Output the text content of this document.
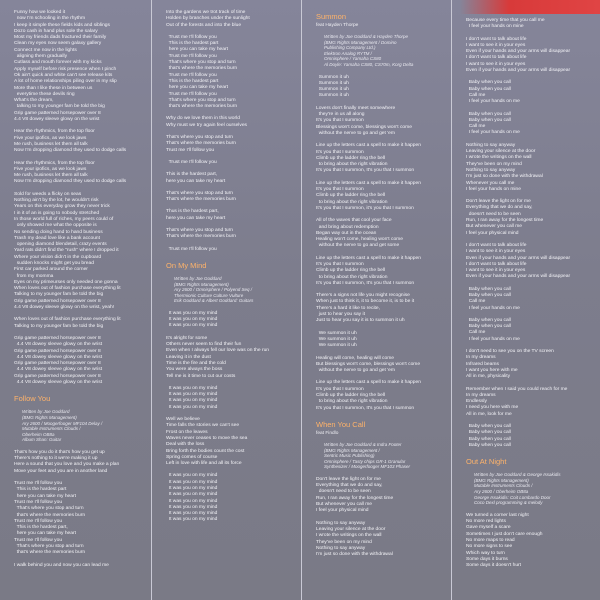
Funny how we looked it
now I'm schooling in the rhythm
I keep it simple these fields kids and siblings
Dozo cash in hand plus sole the salary
Most my friends dads fractured their family
Clean my eyes now seem galaxy gallery
Connect me now in the lights
aligning them gradually
Cutlass and mouth forever with my kicks
Apply myself before risk presence when I pinch
Ok ain't quick and white can't see release kits
A lot of home relationships piling over in my slip
More than I like these in between us
everytime these devils ring
What's the dream,
talking to my younger fam be told the big
Grip game patterned horsepower over 8
4.4 V8 dowey sleeve glowy on the wrist
Hear the rhythmics, from the top floor
Five your ipofics, as we look jaws
Me rush, business let them all talk
Now I'm dropping diamond they used to dodge calls
Hear the rhythmics, from the top floor
Five your ipofics, as we look jaws
Me rush, business let them all talk
Now I'm dropping diamond they used to dodge calls
Sold for weeds a flicky on seas
Nothing ain't by the lot, he wouldn't risk
Years on this everyday grow they never trick
I in it of an is going to nobody stretched
In those world full of riches, my peers could of
only showed me what the opposite is
No sending doing hand to hand business
Trash my dead love like a bank account
opening diamond blendetail, crazy events
Yard rats didn't find the "rush" where I dropped it
Where your vision didn't in the cupboard
sudden knocks might get you bread
First car parked around the corner
from my momma
Eyes on my primeurses only needed one gonna
When loves out of fashion purchase everything lit
Talking to my younger fam be told the big
Grip game patterned horsepower over 8
4.4 V8 dowey sleeve glowy on the wrist, yeah!
When loves out of fashion purchase everything lit
Talking to my younger fam be told the big
Grip game patterned horsepower over 8
4.4 V8 dowey sleeve glowy on the wrist
Grip game patterned horsepower over 8
4.4 V8 dowey sleeve glowy on the wrist
Grip game patterned horsepower over 8
4.4 V8 dowey sleeve glowy on the wrist
Grip game patterned horsepower over 8
4.4 V8 dowey sleeve glowy on the wrist
Follow You
Written by Joe Goddard
(BMG Rights Management)
Ary 2600 / Moogerfooger MF104 Delay /
Mutable Instruments Clouds /
Oberheim OB8a
Album Shan: Guitar
That's how you do it that's how you get up
There's nothing to it we're making it up
Here a sound that you love and you make a plan
Move your feet and you are in another land
Trust me I'll follow you
This is the hardest part
here you can take my heart
Trust me I'll follow you
That's where you stop and turn
that's where the memories burn
Trust me I'll follow you
This is the hardest part,
here you can take my heart
Trust me I'll follow you
That's where you stop and turn
that's where the memories burn
I walk behind you and now you can lead me
Into the gardens we trot track of time
Holden by branches under the sunlight
Out of the forests and into the blue
Trust me I'll follow you
This is the hardest part
here you can take my heart
Trust me I'll follow you
That's where you stop and turn
that's where the memories burn
Trust me I'll follow you
This is the hardest part
here you can take my heart
Trust me I'll follow you
That's where you stop and turn
that's where the memories burn
Why do we love them in this world
Why must we try again feel ourselves
That's where you stop and turn
That's where the memories burn
Trust me I'll follow you
Trust me I'll follow you
This is the hardest part,
here you can take my heart
That's where you stop and turn
That's where the memories burn
Thus is the hardest part,
here you can take my heart
That's where you stop and turn
That's where the memories burn
Trust me I'll follow you
On My Mind
Written by Joe Goddard
(BMG Rights Management)
Ary 2600 / Omnisphere / Polyend Seq /
Thermionic Culture Culture Vulture
Erik Goddard & Albert Goddard: Guitars
It was you on my mind
It was you on my mind
It was you on my mind
It's alright for some
Others never seem to find their fun
Even when I always fell our love was on the run
Leaving it in the dust
Time is the fire and the cold
You were always the boss
Tell me is it time to cut our costs
It was you on my mind
It was you on my mind
It was you on my mind
It was you on my mind
Well we believe
Time falls the stories we can't see
Frost on the leaves
Waves never ceases to move the sea
Deal with the loss
Bring forth the bodies count the cost
Spring comes of course
Left in love with life and all its force
It was you on my mind
It was you on my mind
It was you on my mind
It was you on my mind
It was you on my mind
It was you on my mind
It was you on my mind
It was you on my mind
Summon
feat Hayden Thorpe
Written by Joe Goddard & Hayden Thorpe
(BMG Rights Management / Domino
Publishing Company Ltd.)
Elektron Analog RYTM /
Omnisphere / Yamaha CS80
Al Doyle: Yamaha CS80, CS70m, Korg Delta
Summon it uh
Summon it uh
Summon it uh
Summon it uh
Lovers don't finally meet somewhere
they're in us all along
It's you that I summon
Blessings won't come, blessings won't come
without the nerve to go and get 'em
Line up the letters cast a spell to make it happen
It's you that I summon
Climb up the ladder ring the bell
to bring about the right vibration
It's you that I summon, It's you that I summon
Line up the letters cast a spell to make it happen
It's you that I summon
Climb up the ladder ring the bell
to bring about the right vibration
It's you that I summon, it's you that I summon
All of the waves that cool your face
and bring about redemption
Began way out in the ocean
Healing won't come, healing won't come
without the nerve to go and get some
Line up the letters cast a spell to make it happen
It's you that I summon
Climb up the ladder ring the bell
to bring about the right vibration
It's you that I summon, It's you that I summon
There's a signs not life you might recognise
When just to think it, it to become it, is to be it
There's a hard it like to recite,
just to hear you say it
Just to hear you say it is to summon it uh
We summon it uh
We summon it uh
We summon it uh
Healing will come, healing will come
But blessings won't come, blessings won't come
without the nerve to go and get 'em
Line up the letters cast a spell to make it happen
It's you that I summon
Climb up the ladder ring the bell
to bring about the right vibration
It's you that I summon, It's you that I summon
When You Call
feat Findlo
Written by Joe Goddard & Indra Footer
(BMG Rights Management /
Sentric Music Publishing)
Omnisphere / Tasty chips GR-1 Granular
Synthesizer / Moogerfooger MF103 Phaser
Don't leave the light on for me
Everything that we do and say,
doesn't need to be seen
Run, I ran away for the longest time
But whenever you call me
I feel your physical mind
Nothing to say anyway
Leaving your silence at the door
I wrote the writings on the wall
They've been on my mind
Nothing to say anyway
I'm just so done with the withdrawal
Because every time that you call me
I feel your hands on mine
I don't want to talk about life
I want to see it in your eyes
Even if your hands and your arms will disappear
I don't want to talk about life
I want to see it in your eyes
Even if your hands and your arms will disappear
Baby when you call
Baby when you call
Call me
I feel your hands on me
Baby when you call
Baby when you call
Call me
I feel your hands on me
Nothing to say anyway
Leaving your silence at the door
I wrote the writings on the wall
They've been on my mind
Nothing to say anyway
I'm just so done with the withdrawal
Whenever you call me
I feel your hands on mine
Don't leave the light on for me
Everything that we do and say,
doesn't need to be seen
Run, I ran away for the longest time
But whenever you call me
I feel your physical mind
I don't want to talk about life
I want to see it in your eyes
Even if your hands and your arms will disappear
I don't want to talk about life
I want to see it in your eyes
Even if your hands and your arms will disappear
Baby when you call
Baby when you call
Call me
I feel your hands on me
Baby when you call
Baby when you call
Call me
I feel your hands on me
I don't need to see you on the TV screen
In my dreams
Infrared beams
I want you here with me
All in me, physicality
Remember when I said you could reach for me
In my dreams
Endlessly
I need you here with me
All in me, look for me
Baby when you call
Baby when you call
Baby when you call
Baby when you call
Out At Night
Written by Joe Goddard & George Issakidis
(BMG Rights Management)
Mutable Instruments Clouds /
Ary 2600 / Oberheim OB8a
George Issakidis: Coit Lombardo Door
Coco Dexl programming & melody
We turned a corner last night
No more red lights
Gave myself a scare
Sometimes I just don't care enough
No more maps to read
No more signs to see
Which way to turn
Some days it burns
Some days it doesn't hurt
